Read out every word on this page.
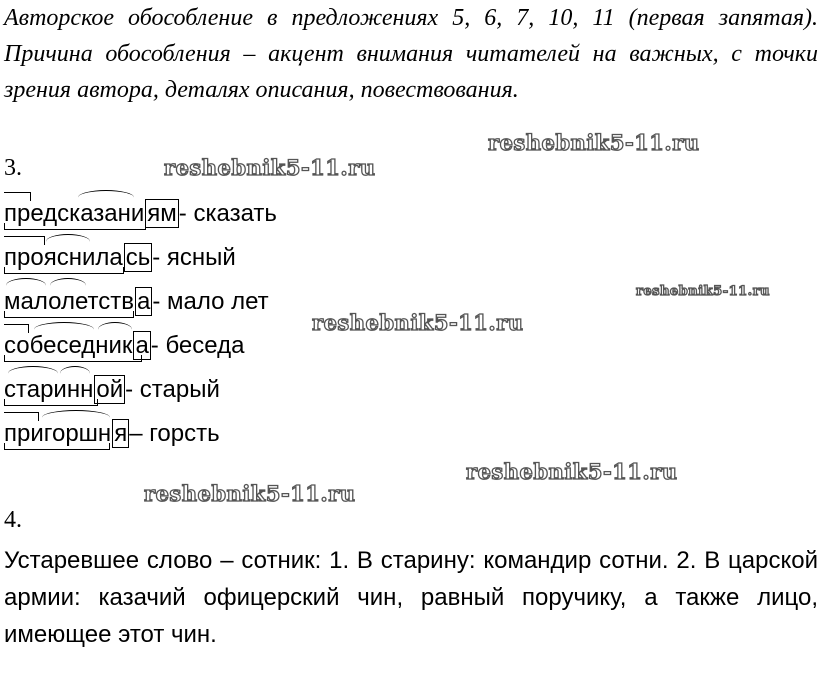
Авторское обособление в предложениях 5, 6, 7, 10, 11 (первая запятая). Причина обособления – акцент внимания читателей на важных, с точки зрения автора, деталях описания, повествования.

3.
предсказани ям- сказать
прояснила сь- ясный
малолетств а- мало лет
собеседник а- беседа
старинн ой- старый
пригоршн я– горсть
4.

Устаревшее слово – сотник: 1. В старину: командир сотни. 2. В царской армии: казачий офицерский чин, равный поручику, а также лицо, имеющее этот чин.

reshebnik5-11.ru
reshebnik5-11.ru
reshebnik5-11.ru
reshebnik5-11.ru
reshebnik5-11.ru
reshebnik5-11.ru
